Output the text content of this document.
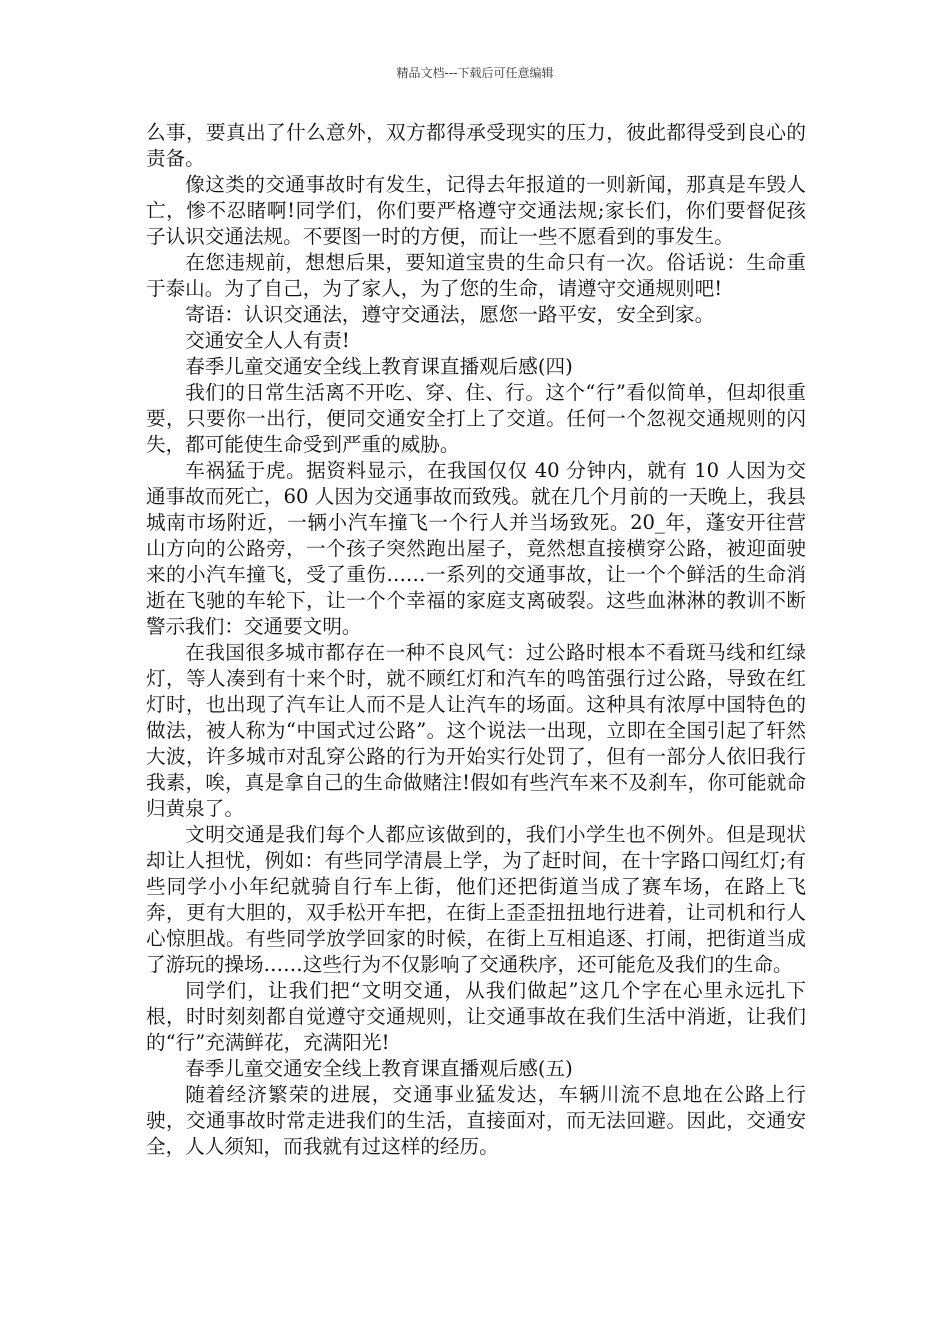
精品文档---下载后可任意编辑

么事，要真出了什么意外，双方都得承受现实的压力，彼此都得受到良心的责备。

像这类的交通事故时有发生，记得去年报道的一则新闻，那真是车毁人亡，惨不忍睹啊!同学们，你们要严格遵守交通法规;家长们，你们要督促孩子认识交通法规。不要图一时的方便，而让一些不愿看到的事发生。

在您违规前，想想后果，要知道宝贵的生命只有一次。俗话说：生命重于泰山。为了自己，为了家人，为了您的生命，请遵守交通规则吧!

寄语：认识交通法，遵守交通法，愿您一路平安，安全到家。

交通安全人人有责!

春季儿童交通安全线上教育课直播观后感(四)

我们的日常生活离不开吃、穿、住、行。这个“行”看似简单，但却很重要，只要你一出行，便同交通安全打上了交道。任何一个忽视交通规则的闪失，都可能使生命受到严重的威胁。

车祸猛于虎。据资料显示，在我国仅仅 40 分钟内，就有 10 人因为交通事故而死亡，60 人因为交通事故而致残。就在几个月前的一天晚上，我县城南市场附近，一辆小汽车撞飞一个行人并当场致死。20_年，蓬安开往营山方向的公路旁，一个孩子突然跑出屋子，竟然想直接横穿公路，被迎面驶来的小汽车撞飞，受了重伤……一系列的交通事故，让一个个鲜活的生命消逝在飞驰的车轮下，让一个个幸福的家庭支离破裂。这些血淋淋的教训不断警示我们：交通要文明。

在我国很多城市都存在一种不良风气：过公路时根本不看斑马线和红绿灯，等人凑到有十来个时，就不顾红灯和汽车的鸣笛强行过公路，导致在红灯时，也出现了汽车让人而不是人让汽车的场面。这种具有浓厚中国特色的做法，被人称为“中国式过公路”。这个说法一出现，立即在全国引起了轩然大波，许多城市对乱穿公路的行为开始实行处罚了，但有一部分人依旧我行我素，唉，真是拿自己的生命做赌注!假如有些汽车来不及刹车，你可能就命归黄泉了。

文明交通是我们每个人都应该做到的，我们小学生也不例外。但是现状却让人担忧，例如：有些同学清晨上学，为了赶时间，在十字路口闯红灯;有些同学小小年纪就骑自行车上街，他们还把街道当成了赛车场，在路上飞奔，更有大胆的，双手松开车把，在街上歪歪扭扭地行进着，让司机和行人心惊胆战。有些同学放学回家的时候，在街上互相追逐、打闹，把街道当成了游玩的操场……这些行为不仅影响了交通秩序，还可能危及我们的生命。

同学们，让我们把“文明交通，从我们做起”这几个字在心里永远扎下根，时时刻刻都自觉遵守交通规则，让交通事故在我们生活中消逝，让我们的“行”充满鲜花，充满阳光!

春季儿童交通安全线上教育课直播观后感(五)

随着经济繁荣的进展，交通事业猛发达，车辆川流不息地在公路上行驶，交通事故时常走进我们的生活，直接面对，而无法回避。因此，交通安全，人人须知，而我就有过这样的经历。
